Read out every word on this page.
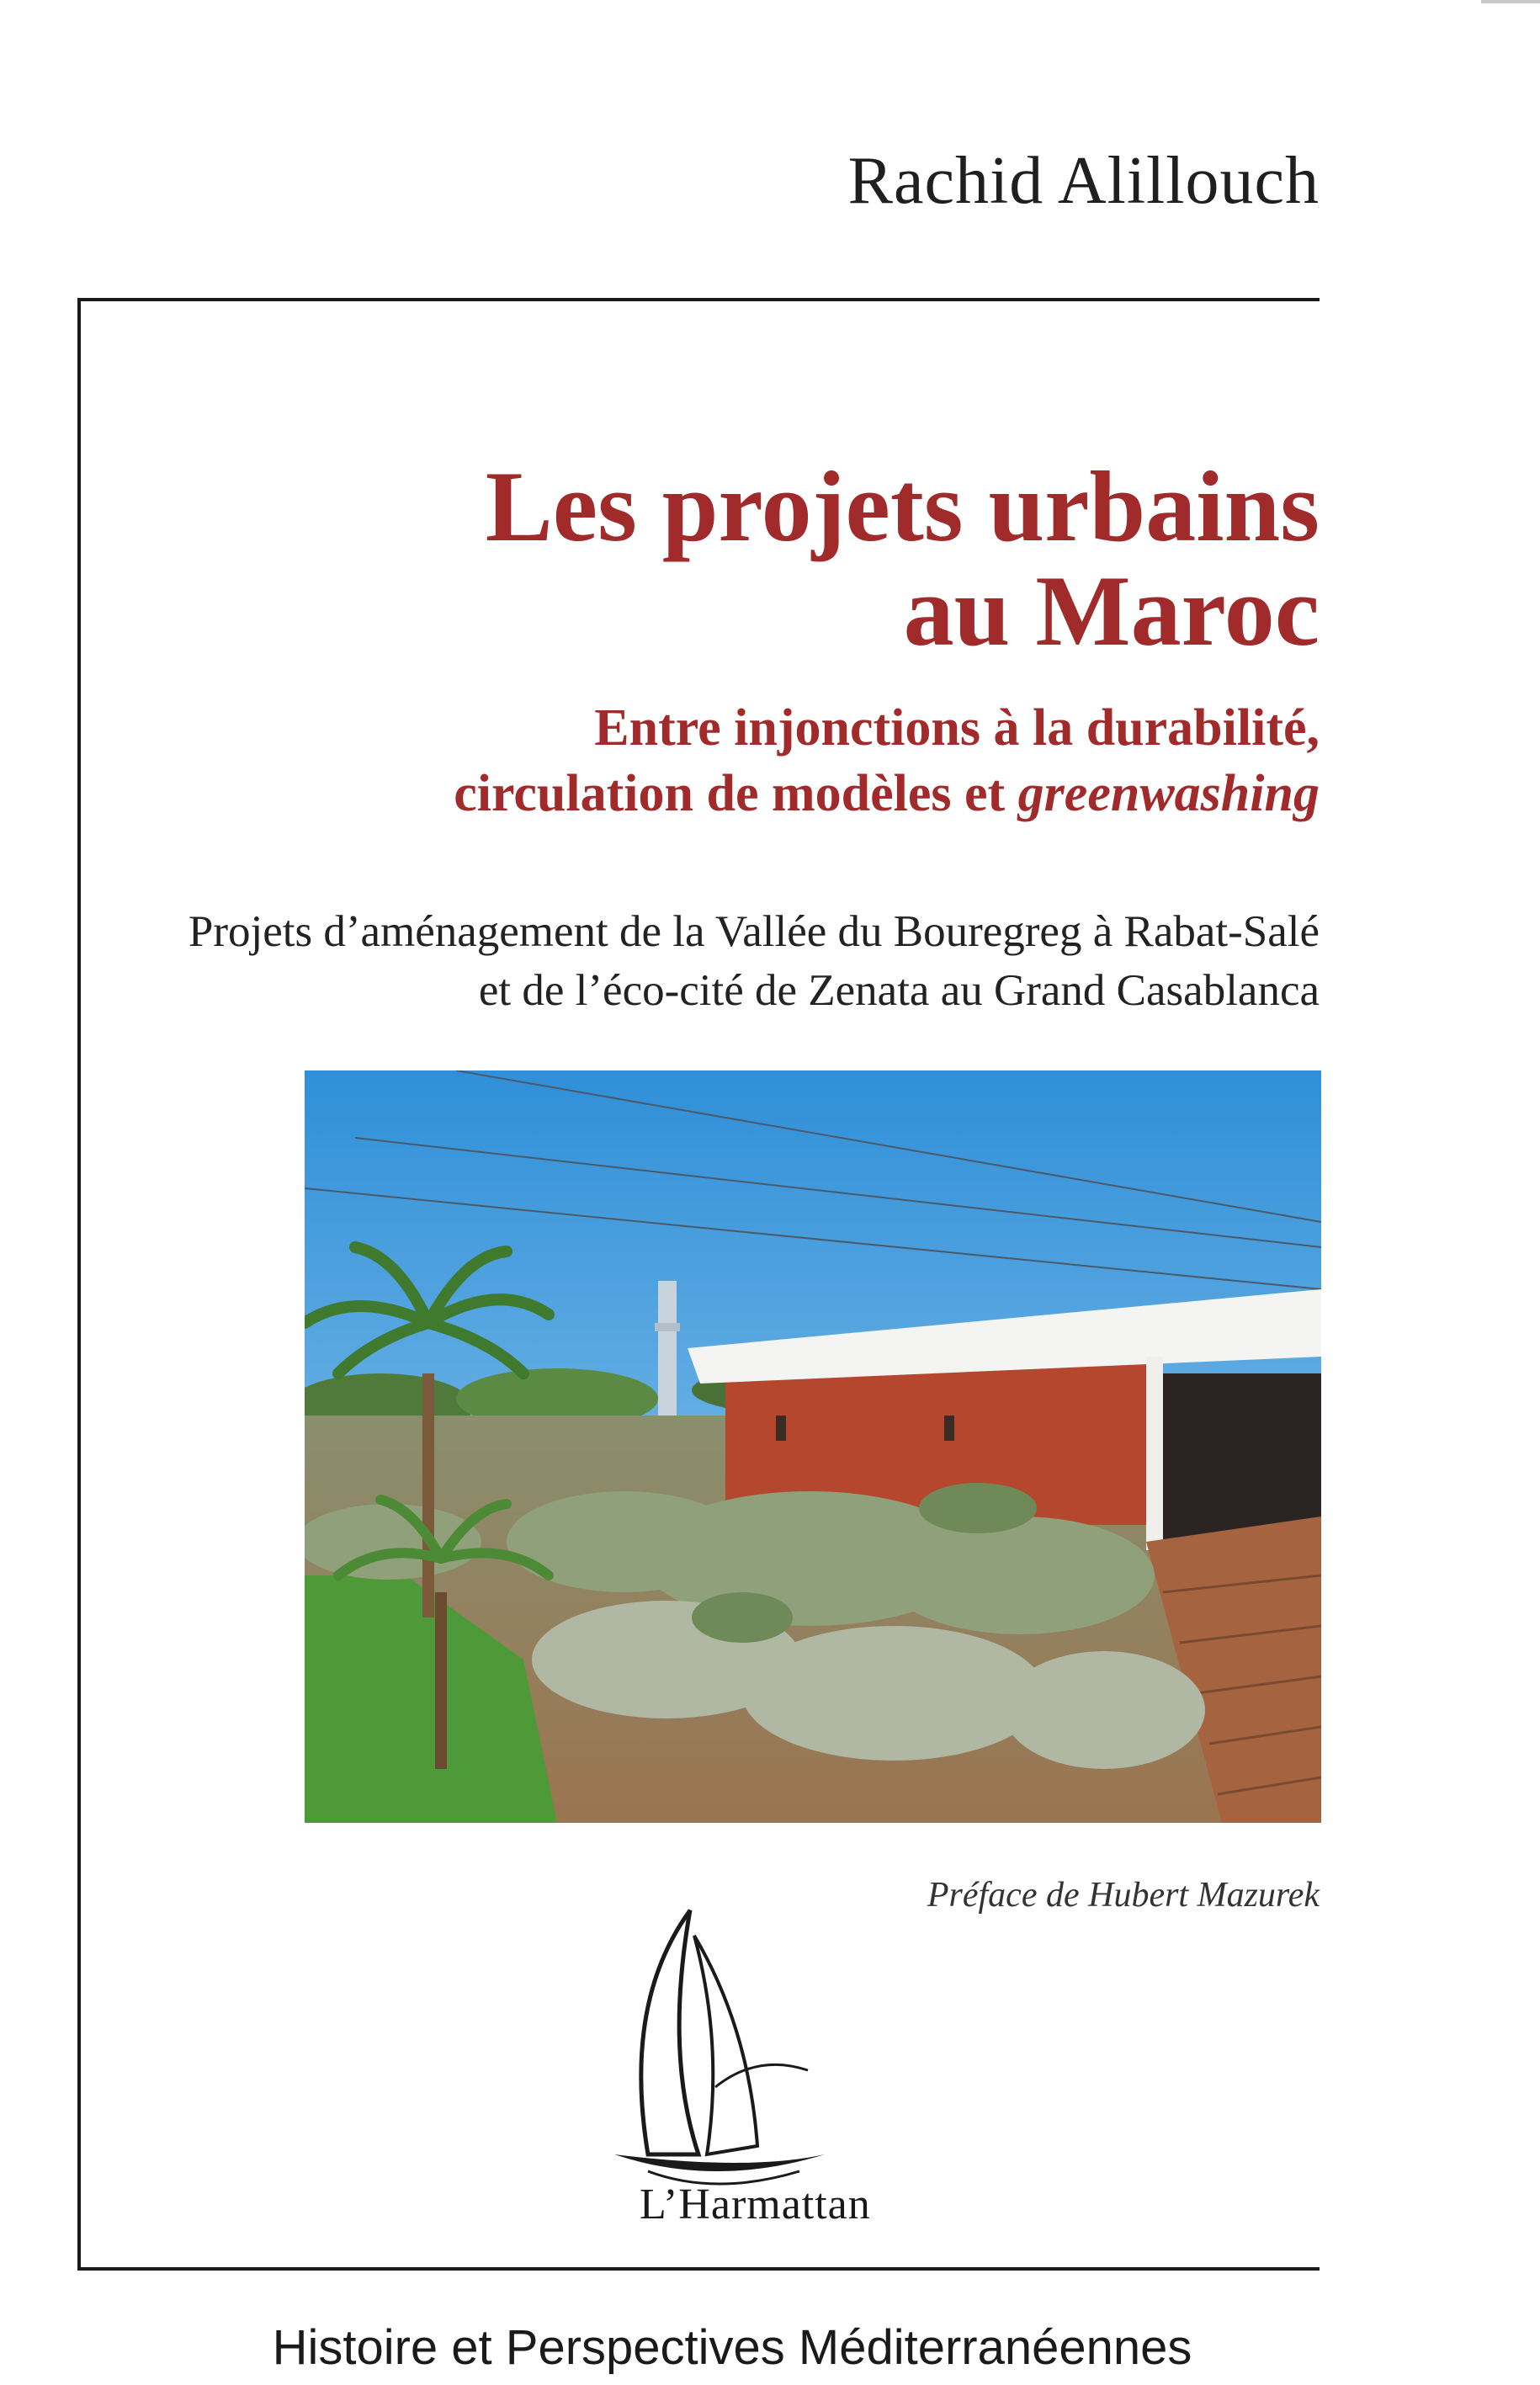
Rachid Alillouch
Les projets urbains
au Maroc
Entre injonctions à la durabilité,
circulation de modèles et greenwashing
Projets d’aménagement de la Vallée du Bouregreg à Rabat-Salé
et de l’éco-cité de Zenata au Grand Casablanca
Préface de Hubert Mazurek
L’Harmattan
Histoire et Perspectives Méditerranéennes
